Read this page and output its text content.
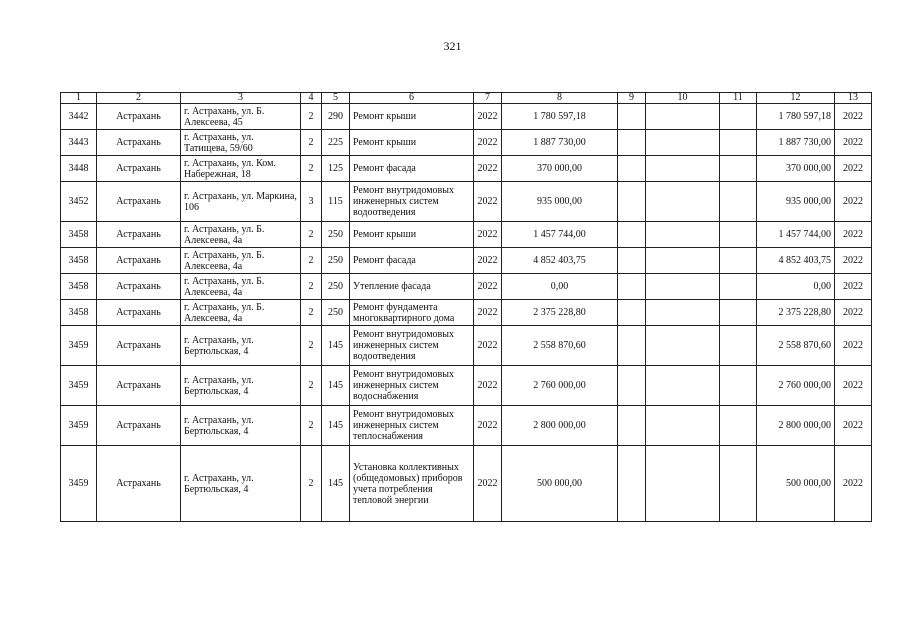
321
1	2	3	4	5	6	7	8	9	10	11	12	13
3442	Астрахань	г. Астрахань, ул. Б. Алексеева, 45	2	290	Ремонт крыши	2022	1 780 597,18				1 780 597,18	2022
3443	Астрахань	г. Астрахань, ул. Татищева, 59/60	2	225	Ремонт крыши	2022	1 887 730,00				1 887 730,00	2022
3448	Астрахань	г. Астрахань, ул. Ком. Набережная, 18	2	125	Ремонт фасада	2022	370 000,00				370 000,00	2022
3452	Астрахань	г. Астрахань, ул. Маркина, 106	3	115	Ремонт внутридомовых инженерных систем водоотведения	2022	935 000,00				935 000,00	2022
3458	Астрахань	г. Астрахань, ул. Б. Алексеева, 4а	2	250	Ремонт крыши	2022	1 457 744,00				1 457 744,00	2022
3458	Астрахань	г. Астрахань, ул. Б. Алексеева, 4а	2	250	Ремонт фасада	2022	4 852 403,75				4 852 403,75	2022
3458	Астрахань	г. Астрахань, ул. Б. Алексеева, 4а	2	250	Утепление фасада	2022	0,00				0,00	2022
3458	Астрахань	г. Астрахань, ул. Б. Алексеева, 4а	2	250	Ремонт фундамента многоквартирного дома	2022	2 375 228,80				2 375 228,80	2022
3459	Астрахань	г. Астрахань, ул. Бертюльская, 4	2	145	Ремонт внутридомовых инженерных систем водоотведения	2022	2 558 870,60				2 558 870,60	2022
3459	Астрахань	г. Астрахань, ул. Бертюльская, 4	2	145	Ремонт внутридомовых инженерных систем водоснабжения	2022	2 760 000,00				2 760 000,00	2022
3459	Астрахань	г. Астрахань, ул. Бертюльская, 4	2	145	Ремонт внутридомовых инженерных систем теплоснабжения	2022	2 800 000,00				2 800 000,00	2022
3459	Астрахань	г. Астрахань, ул. Бертюльская, 4	2	145	Установка коллективных (общедомовых) приборов учета потребления тепловой энергии	2022	500 000,00				500 000,00	2022
